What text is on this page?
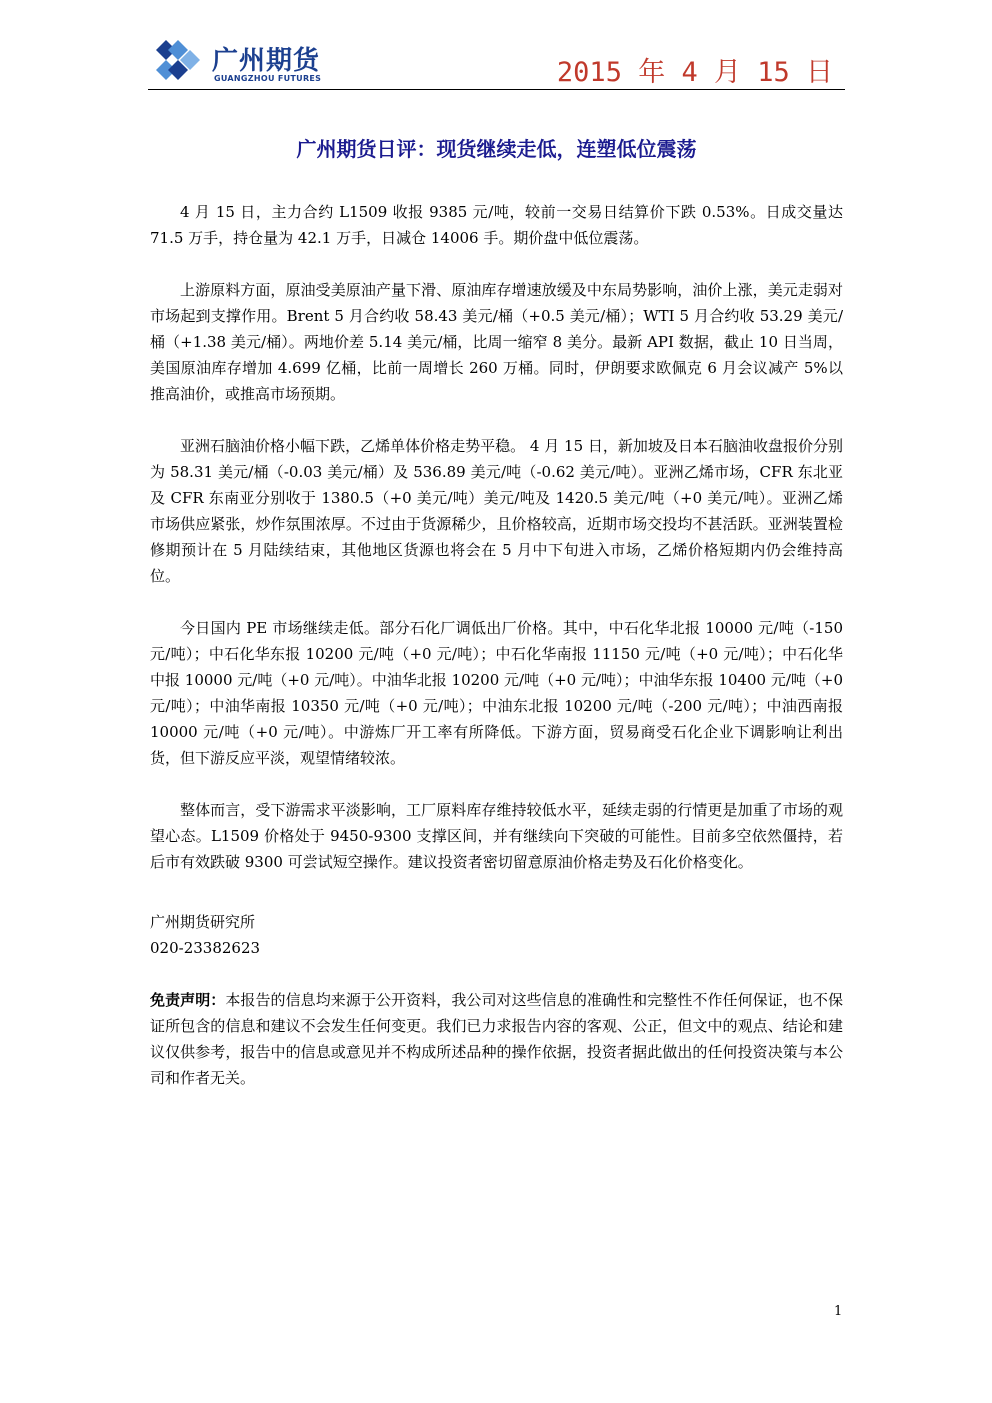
广州期货
GUANGZHOU FUTURES	2015 年 4 月 15 日
广州期货日评：现货继续走低，连塑低位震荡

4 月 15 日，主力合约 L1509 收报 9385 元/吨，较前一交易日结算价下跌 0.53%。日成交量达 71.5 万手，持仓量为 42.1 万手，日减仓 14006 手。期价盘中低位震荡。

上游原料方面，原油受美原油产量下滑、原油库存增速放缓及中东局势影响，油价上涨，美元走弱对市场起到支撑作用。Brent 5 月合约收 58.43 美元/桶（+0.5 美元/桶）；WTI 5 月合约收 53.29 美元/桶（+1.38 美元/桶）。两地价差 5.14 美元/桶，比周一缩窄 8 美分。最新 API 数据，截止 10 日当周，美国原油库存增加 4.699 亿桶，比前一周增长 260 万桶。同时，伊朗要求欧佩克 6 月会议减产 5%以推高油价，或推高市场预期。

亚洲石脑油价格小幅下跌，乙烯单体价格走势平稳。 4 月 15 日，新加坡及日本石脑油收盘报价分别为 58.31 美元/桶（-0.03 美元/桶）及 536.89 美元/吨（-0.62 美元/吨）。亚洲乙烯市场，CFR 东北亚及 CFR 东南亚分别收于 1380.5（+0 美元/吨）美元/吨及 1420.5 美元/吨（+0 美元/吨）。亚洲乙烯市场供应紧张，炒作氛围浓厚。不过由于货源稀少，且价格较高，近期市场交投均不甚活跃。亚洲装置检修期预计在 5 月陆续结束，其他地区货源也将会在 5 月中下旬进入市场，乙烯价格短期内仍会维持高位。

今日国内 PE 市场继续走低。部分石化厂调低出厂价格。其中，中石化华北报 10000 元/吨（-150 元/吨）；中石化华东报 10200 元/吨（+0 元/吨）；中石化华南报 11150 元/吨（+0 元/吨）；中石化华中报 10000 元/吨（+0 元/吨）。中油华北报 10200 元/吨（+0 元/吨）；中油华东报 10400 元/吨（+0 元/吨）；中油华南报 10350 元/吨（+0 元/吨）；中油东北报 10200 元/吨（-200 元/吨）；中油西南报 10000 元/吨（+0 元/吨）。中游炼厂开工率有所降低。下游方面，贸易商受石化企业下调影响让利出货，但下游反应平淡，观望情绪较浓。

整体而言，受下游需求平淡影响，工厂原料库存维持较低水平，延续走弱的行情更是加重了市场的观望心态。L1509 价格处于 9450-9300 支撑区间，并有继续向下突破的可能性。目前多空依然僵持，若后市有效跌破 9300 可尝试短空操作。建议投资者密切留意原油价格走势及石化价格变化。

广州期货研究所
020-23382623

免责声明：本报告的信息均来源于公开资料，我公司对这些信息的准确性和完整性不作任何保证，也不保证所包含的信息和建议不会发生任何变更。我们已力求报告内容的客观、公正，但文中的观点、结论和建议仅供参考，报告中的信息或意见并不构成所述品种的操作依据，投资者据此做出的任何投资决策与本公司和作者无关。

1
